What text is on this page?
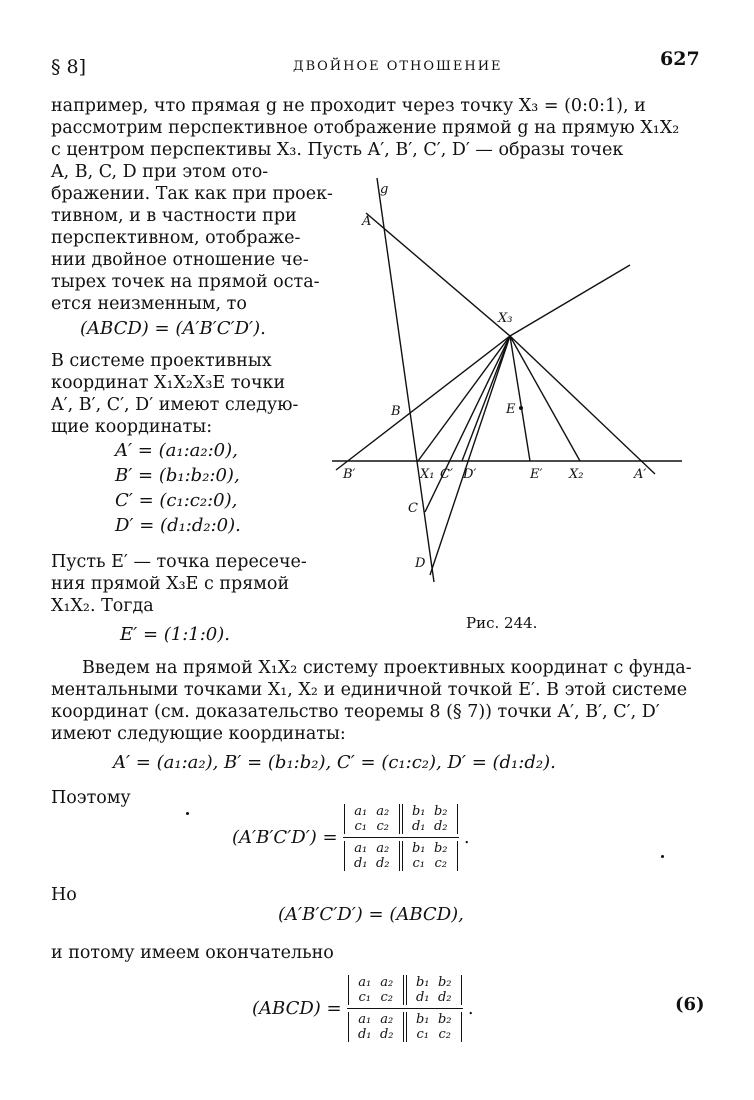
§ 8]	ДВОЙНОЕ ОТНОШЕНИЕ	627
например, что прямая g не проходит через точку X₃ = (0:0:1), и
рассмотрим перспективное отображение прямой g на прямую X₁X₂
с центром перспективы X₃. Пусть A′, B′, C′, D′ — образы точек
A, B, C, D при этом ото-
бражении. Так как при проек-
тивном, и в частности при
перспективном, отображе-
нии двойное отношение че-
тырех точек на прямой оста-
ется неизменным, то
(ABCD) = (A′B′C′D′).
В системе проективных
координат X₁X₂X₃E точки
A′, B′, C′, D′ имеют следую-
щие координаты:
A′ = (a₁:a₂:0),
B′ = (b₁:b₂:0),
C′ = (c₁:c₂:0),
D′ = (d₁:d₂:0).
Пусть E′ — точка пересече-
ния прямой X₃E с прямой
X₁X₂. Тогда
E′ = (1:1:0).
g
A
X₃
B	E
B′	X₁ C′ D′	E′ X₂	A′
C
D
Рис. 244.
Введем на прямой X₁X₂ систему проективных координат с фунда-
ментальными точками X₁, X₂ и единичной точкой E′. В этой системе
координат (см. доказательство теоремы 8 (§ 7)) точки A′, B′, C′, D′
имеют следующие координаты:
A′ = (a₁:a₂), B′ = (b₁:b₂), C′ = (c₁:c₂), D′ = (d₁:d₂).
Поэтому
(A′B′C′D′) =
a₁ a₂
c₁ c₂b₁ b₂
d₁ d₂
a₁ a₂
d₁ d₂b₁ b₂
c₁ c₂
.
Но
(A′B′C′D′) = (ABCD),
и потому имеем окончательно
(ABCD) =
a₁ a₂
c₁ c₂b₁ b₂
d₁ d₂
a₁ a₂
d₁ d₂b₁ b₂
c₁ c₂
.	(6)
